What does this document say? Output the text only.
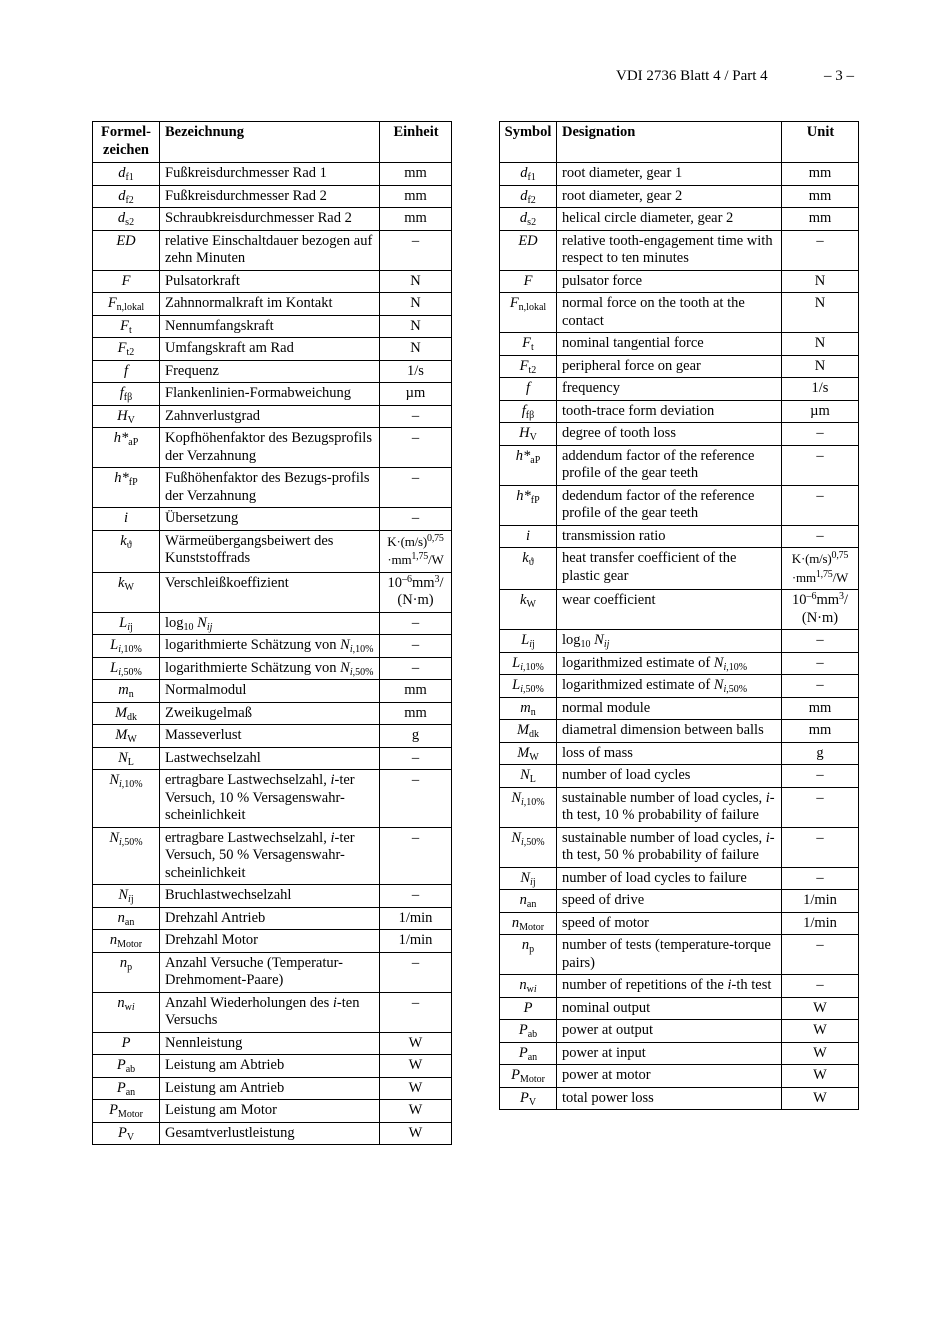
VDI 2736 Blatt 4 / Part 4	– 3 –
Formel-
zeichen	Bezeichnung	Einheit
$d_{f1}$	Fußkreisdurchmesser Rad 1	mm
$d_{f2}$	Fußkreisdurchmesser Rad 2	mm
$d_{s2}$	Schraubkreisdurchmesser Rad 2	mm
ED	relative Einschaltdauer bezogen auf zehn Minuten	–
F	Pulsatorkraft	N
$F_{n,lokal}$	Zahnnormalkraft im Kontakt	N
$F_t$	Nennumfangskraft	N
$F_{t2}$	Umfangskraft am Rad	N
f	Frequenz	1/s
$f_{f\beta}$	Flankenlinien-Formabweichung	µm
$H_V$	Zahnverlustgrad	–
$h*_{aP}$	Kopfhöhenfaktor des Bezugsprofils der Verzahnung	–
$h*_{fP}$	Fußhöhenfaktor des Bezugs-profils der Verzahnung	–
i	Übersetzung	–
$k_ϑ$	Wärmeübergangsbeiwert des Kunststoffrads	$K\cdot(m/s)^{0,75}$
·mm$^{1,75}$/W
$k_W$	Verschleißkoeffizient	$10^{-6}mm^3/$
(N·m)
$L_{ij}$	$\log_{10} N_{ij}$	–
$L_{i,10\%}$	logarithmierte Schätzung von $N_{i,10\%}$	–
$L_{i,50\%}$	logarithmierte Schätzung von $N_{i,50\%}$	–
$m_n$	Normalmodul	mm
$M_{dk}$	Zweikugelmaß	mm
$M_W$	Masseverlust	g
$N_L$	Lastwechselzahl	–
$N_{i,10\%}$	ertragbare Lastwechselzahl, i-ter Versuch, 10 % Versagenswahr-scheinlichkeit	–
$N_{i,50\%}$	ertragbare Lastwechselzahl, i-ter Versuch, 50 % Versagenswahr-scheinlichkeit	–
$N_{ij}$	Bruchlastwechselzahl	–
$n_{an}$	Drehzahl Antrieb	1/min
$n_{Motor}$	Drehzahl Motor	1/min
$n_p$	Anzahl Versuche (Temperatur-Drehmoment-Paare)	–
$n_{wi}$	Anzahl Wiederholungen des i-ten Versuchs	–
P	Nennleistung	W
$P_{ab}$	Leistung am Abtrieb	W
$P_{an}$	Leistung am Antrieb	W
$P_{Motor}$	Leistung am Motor	W
$P_V$	Gesamtverlustleistung	W
Symbol	Designation	Unit
$d_{f1}$	root diameter, gear 1	mm
$d_{f2}$	root diameter, gear 2	mm
$d_{s2}$	helical circle diameter, gear 2	mm
ED	relative tooth-engagement time with respect to ten minutes	–
F	pulsator force	N
$F_{n,lokal}$	normal force on the tooth at the contact	N
$F_t$	nominal tangential force	N
$F_{t2}$	peripheral force on gear	N
f	frequency	1/s
$f_{f\beta}$	tooth-trace form deviation	µm
$H_V$	degree of tooth loss	–
$h*_{aP}$	addendum factor of the reference profile of the gear teeth	–
$h*_{fP}$	dedendum factor of the reference profile of the gear teeth	–
i	transmission ratio	–
$k_ϑ$	heat transfer coefficient of the plastic gear	$K\cdot(m/s)^{0,75}$
·mm$^{1,75}$/W
$k_W$	wear coefficient	$10^{-6}mm^3/$
(N·m)
$L_{ij}$	$\log_{10} N_{ij}$	–
$L_{i,10\%}$	logarithmized estimate of $N_{i,10\%}$	–
$L_{i,50\%}$	logarithmized estimate of $N_{i,50\%}$	–
$m_n$	normal module	mm
$M_{dk}$	diametral dimension between balls	mm
$M_W$	loss of mass	g
$N_L$	number of load cycles	–
$N_{i,10\%}$	sustainable number of load cycles, i-th test, 10 % probability of failure	–
$N_{i,50\%}$	sustainable number of load cycles, i-th test, 50 % probability of failure	–
$N_{ij}$	number of load cycles to failure	–
$n_{an}$	speed of drive	1/min
$n_{Motor}$	speed of motor	1/min
$n_p$	number of tests (temperature-torque pairs)	–
$n_{wi}$	number of repetitions of the i-th test	–
P	nominal output	W
$P_{ab}$	power at output	W
$P_{an}$	power at input	W
$P_{Motor}$	power at motor	W
$P_V$	total power loss	W
